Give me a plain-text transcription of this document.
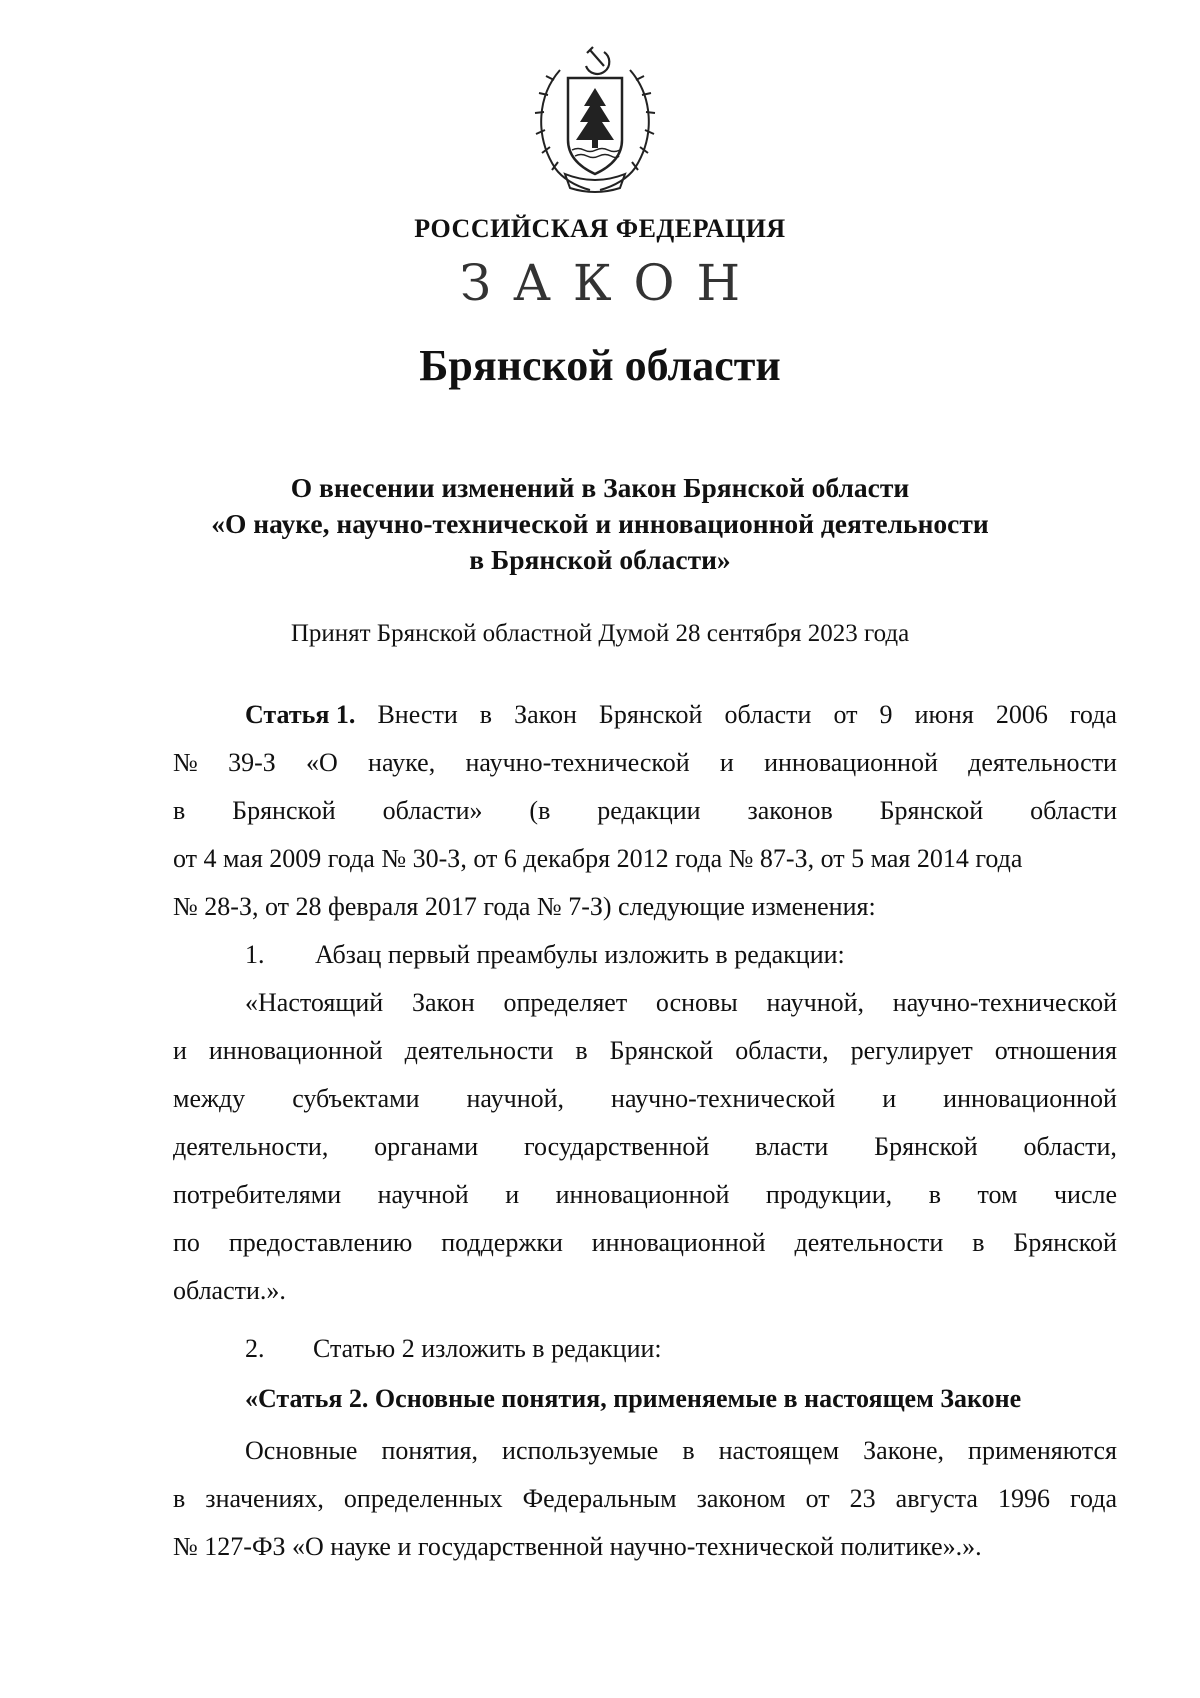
РОССИЙСКАЯ ФЕДЕРАЦИЯ
ЗАКОН
Брянской области
О внесении изменений в Закон Брянской области
«О науке, научно-технической и инновационной деятельности
в Брянской области»
Принят Брянской областной Думой 28 сентября 2023 года
Статья 1. Внести в Закон Брянской области от 9 июня 2006 года
№ 39-З «О науке, научно-технической и инновационной деятельности
в Брянской области» (в редакции законов Брянской области
от 4 мая 2009 года № 30-З, от 6 декабря 2012 года № 87-З, от 5 мая 2014 года
№ 28-З, от 28 февраля 2017 года № 7-З) следующие изменения:
1. Абзац первый преамбулы изложить в редакции:
«Настоящий Закон определяет основы научной, научно-технической
и инновационной деятельности в Брянской области, регулирует отношения
между субъектами научной, научно-технической и инновационной
деятельности, органами государственной власти Брянской области,
потребителями научной и инновационной продукции, в том числе
по предоставлению поддержки инновационной деятельности в Брянской
области.».
2. Статью 2 изложить в редакции:
«Статья 2. Основные понятия, применяемые в настоящем Законе
Основные понятия, используемые в настоящем Законе, применяются
в значениях, определенных Федеральным законом от 23 августа 1996 года
№ 127-ФЗ «О науке и государственной научно-технической политике».».
